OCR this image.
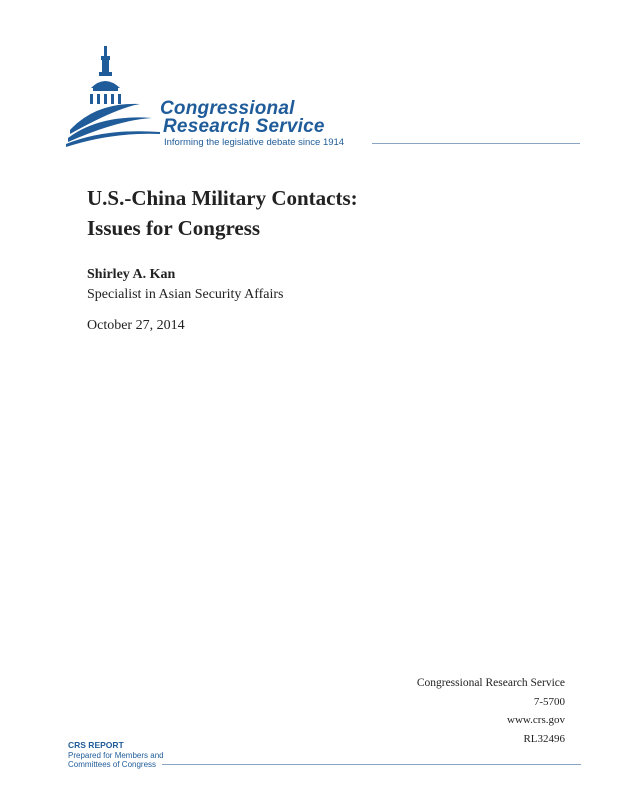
Congressional
Research Service
Informing the legislative debate since 1914
U.S.-China Military Contacts:
Issues for Congress

Shirley A. Kan

Specialist in Asian Security Affairs

October 27, 2014

Congressional Research Service
7-5700
www.crs.gov
RL32496
CRS REPORT
Prepared for Members and
Committees of Congress
